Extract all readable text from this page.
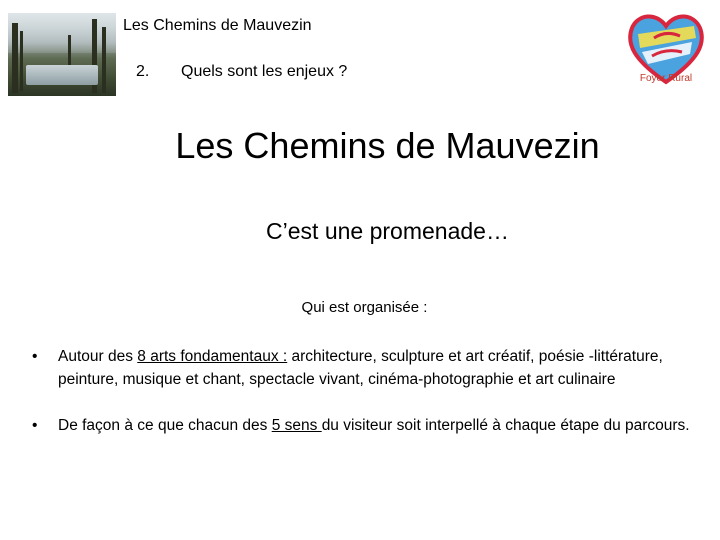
Les Chemins de Mauvezin
2. Quels sont les enjeux ?	Foyer Rural
Les Chemins de Mauvezin
C’est une promenade…
Qui est organisée :
• Autour des 8 arts fondamentaux : architecture, sculpture et art créatif, poésie -littérature, peinture, musique et chant, spectacle vivant, cinéma-photographie et art culinaire
• De façon à ce que chacun des 5 sens du visiteur soit interpellé à chaque étape du parcours.
